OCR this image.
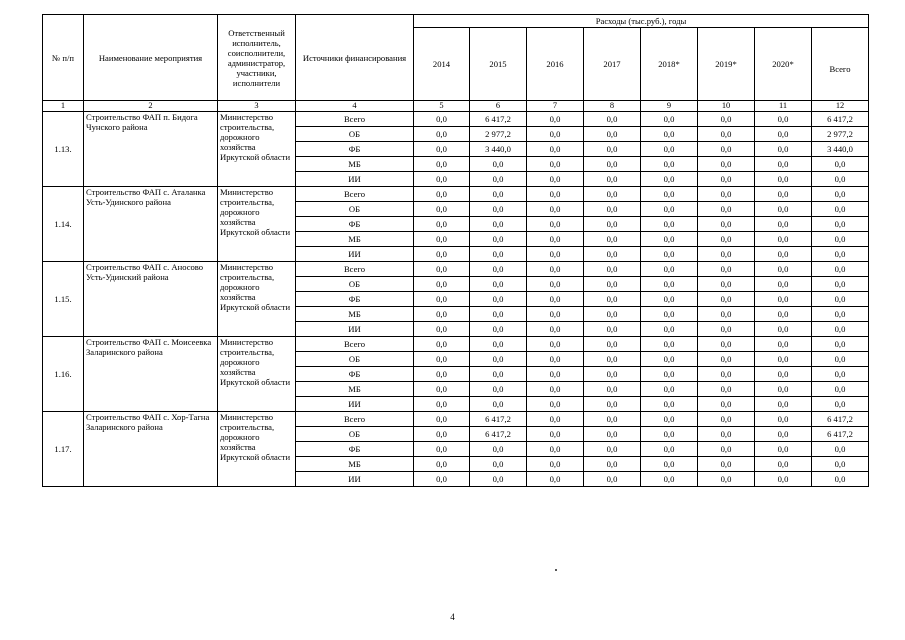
№ п/п	Наименование мероприятия	Ответственный исполнитель, соисполнители, администратор, участники, исполнители	Источники финансирования	Расходы (тыс.руб.), годы							
				2014	2015	2016	2017	2018*	2019*	2020*	Всего
1	2	3	4	5	6	7	8	9	10	11	12
1.13.	Строительство ФАП п. Бидога Чунского района	Министерство строительства, дорожного хозяйства Иркутской области	Всего	0,0	6 417,2	0,0	0,0	0,0	0,0	0,0	6 417,2
			ОБ	0,0	2 977,2	0,0	0,0	0,0	0,0	0,0	2 977,2
			ФБ	0,0	3 440,0	0,0	0,0	0,0	0,0	0,0	3 440,0
			МБ	0,0	0,0	0,0	0,0	0,0	0,0	0,0	0,0
			ИИ	0,0	0,0	0,0	0,0	0,0	0,0	0,0	0,0
1.14.	Строительство ФАП с. Аталанка Усть-Удинского района	Министерство строительства, дорожного хозяйства Иркутской области	Всего	0,0	0,0	0,0	0,0	0,0	0,0	0,0	0,0
			ОБ	0,0	0,0	0,0	0,0	0,0	0,0	0,0	0,0
			ФБ	0,0	0,0	0,0	0,0	0,0	0,0	0,0	0,0
			МБ	0,0	0,0	0,0	0,0	0,0	0,0	0,0	0,0
			ИИ	0,0	0,0	0,0	0,0	0,0	0,0	0,0	0,0
1.15.	Строительство ФАП с. Аносово Усть-Удинский района	Министерство строительства, дорожного хозяйства Иркутской области	Всего	0,0	0,0	0,0	0,0	0,0	0,0	0,0	0,0
			ОБ	0,0	0,0	0,0	0,0	0,0	0,0	0,0	0,0
			ФБ	0,0	0,0	0,0	0,0	0,0	0,0	0,0	0,0
			МБ	0,0	0,0	0,0	0,0	0,0	0,0	0,0	0,0
			ИИ	0,0	0,0	0,0	0,0	0,0	0,0	0,0	0,0
1.16.	Строительство ФАП с. Моисеевка Заларинского района	Министерство строительства, дорожного хозяйства Иркутской области	Всего	0,0	0,0	0,0	0,0	0,0	0,0	0,0	0,0
			ОБ	0,0	0,0	0,0	0,0	0,0	0,0	0,0	0,0
			ФБ	0,0	0,0	0,0	0,0	0,0	0,0	0,0	0,0
			МБ	0,0	0,0	0,0	0,0	0,0	0,0	0,0	0,0
			ИИ	0,0	0,0	0,0	0,0	0,0	0,0	0,0	0,0
1.17.	Строительство ФАП с. Хор-Тагна Заларинского района	Министерство строительства, дорожного хозяйства Иркутской области	Всего	0,0	6 417,2	0,0	0,0	0,0	0,0	0,0	6 417,2
			ОБ	0,0	6 417,2	0,0	0,0	0,0	0,0	0,0	6 417,2
			ФБ	0,0	0,0	0,0	0,0	0,0	0,0	0,0	0,0
			МБ	0,0	0,0	0,0	0,0	0,0	0,0	0,0	0,0
			ИИ	0,0	0,0	0,0	0,0	0,0	0,0	0,0	0,0
4
